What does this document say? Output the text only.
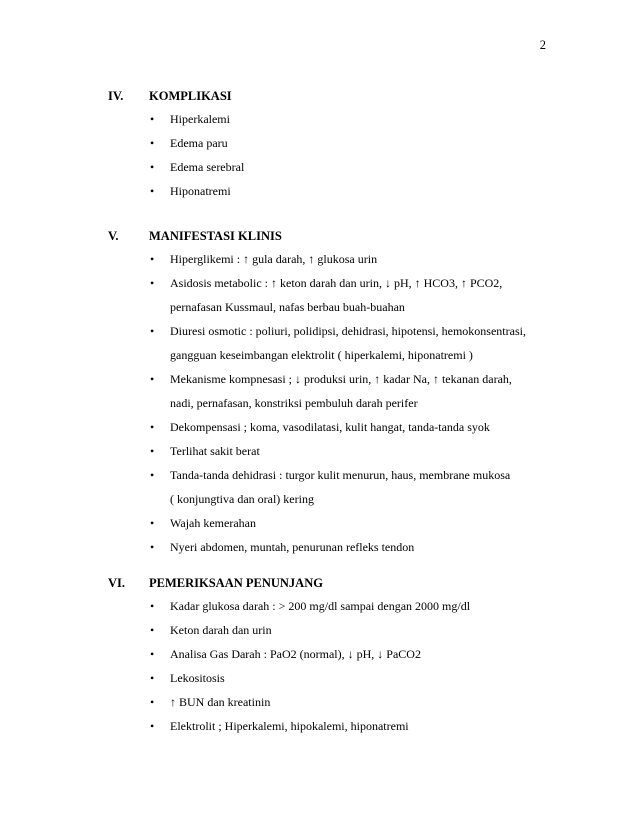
2
IV.	KOMPLIKASI
• Hiperkalemi
• Edema paru
• Edema serebral
• Hiponatremi
V.	MANIFESTASI KLINIS
• Hiperglikemi : ↑ gula darah, ↑ glukosa urin
• Asidosis metabolic : ↑ keton darah dan urin, ↓ pH, ↑ HCO3, ↑ PCO2,
pernafasan Kussmaul, nafas berbau buah-buahan
• Diuresi osmotic : poliuri, polidipsi, dehidrasi, hipotensi, hemokonsentrasi,
gangguan keseimbangan elektrolit ( hiperkalemi, hiponatremi )
• Mekanisme kompnesasi ; ↓ produksi urin, ↑ kadar Na, ↑ tekanan darah,
nadi, pernafasan, konstriksi pembuluh darah perifer
• Dekompensasi ; koma, vasodilatasi, kulit hangat, tanda-tanda syok
• Terlihat sakit berat
• Tanda-tanda dehidrasi : turgor kulit menurun, haus, membrane mukosa
( konjungtiva dan oral) kering
• Wajah kemerahan
• Nyeri abdomen, muntah, penurunan refleks tendon
VI.	PEMERIKSAAN PENUNJANG
• Kadar glukosa darah : > 200 mg/dl sampai dengan 2000 mg/dl
• Keton darah dan urin
• Analisa Gas Darah : PaO2 (normal), ↓ pH, ↓ PaCO2
• Lekositosis
• ↑ BUN dan kreatinin
• Elektrolit ; Hiperkalemi, hipokalemi, hiponatremi
